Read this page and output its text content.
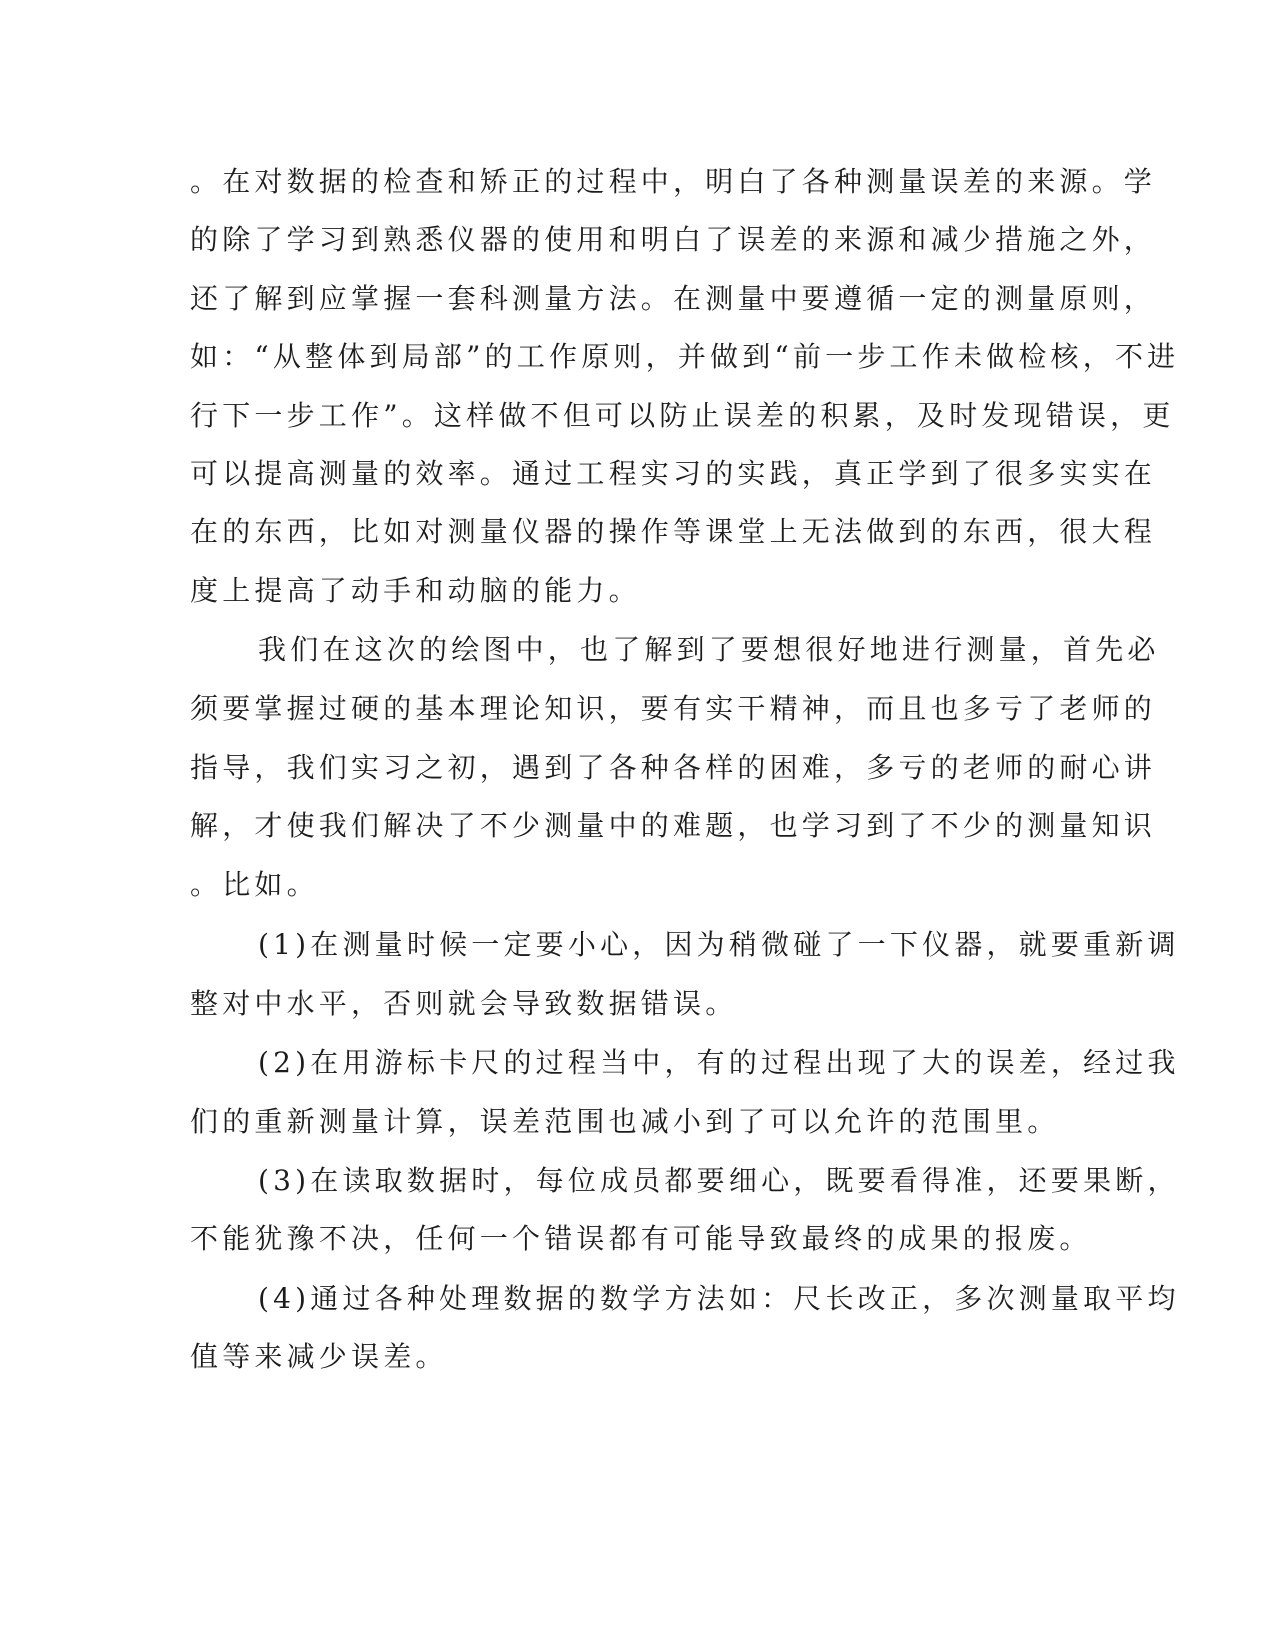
。在对数据的检查和矫正的过程中，明白了各种测量误差的来源。学
的除了学习到熟悉仪器的使用和明白了误差的来源和减少措施之外，
还了解到应掌握一套科测量方法。在测量中要遵循一定的测量原则，
如：“从整体到局部”的工作原则，并做到“前一步工作未做检核，不进
行下一步工作”。这样做不但可以防止误差的积累，及时发现错误，更
可以提高测量的效率。通过工程实习的实践，真正学到了很多实实在
在的东西，比如对测量仪器的操作等课堂上无法做到的东西，很大程
度上提高了动手和动脑的能力。
我们在这次的绘图中，也了解到了要想很好地进行测量，首先必
须要掌握过硬的基本理论知识，要有实干精神，而且也多亏了老师的
指导，我们实习之初，遇到了各种各样的困难，多亏的老师的耐心讲
解，才使我们解决了不少测量中的难题，也学习到了不少的测量知识
。比如。
(1)在测量时候一定要小心，因为稍微碰了一下仪器，就要重新调
整对中水平，否则就会导致数据错误。
(2)在用游标卡尺的过程当中，有的过程出现了大的误差，经过我
们的重新测量计算，误差范围也减小到了可以允许的范围里。
(3)在读取数据时，每位成员都要细心，既要看得准，还要果断，
不能犹豫不决，任何一个错误都有可能导致最终的成果的报废。
(4)通过各种处理数据的数学方法如：尺长改正，多次测量取平均
值等来减少误差。
